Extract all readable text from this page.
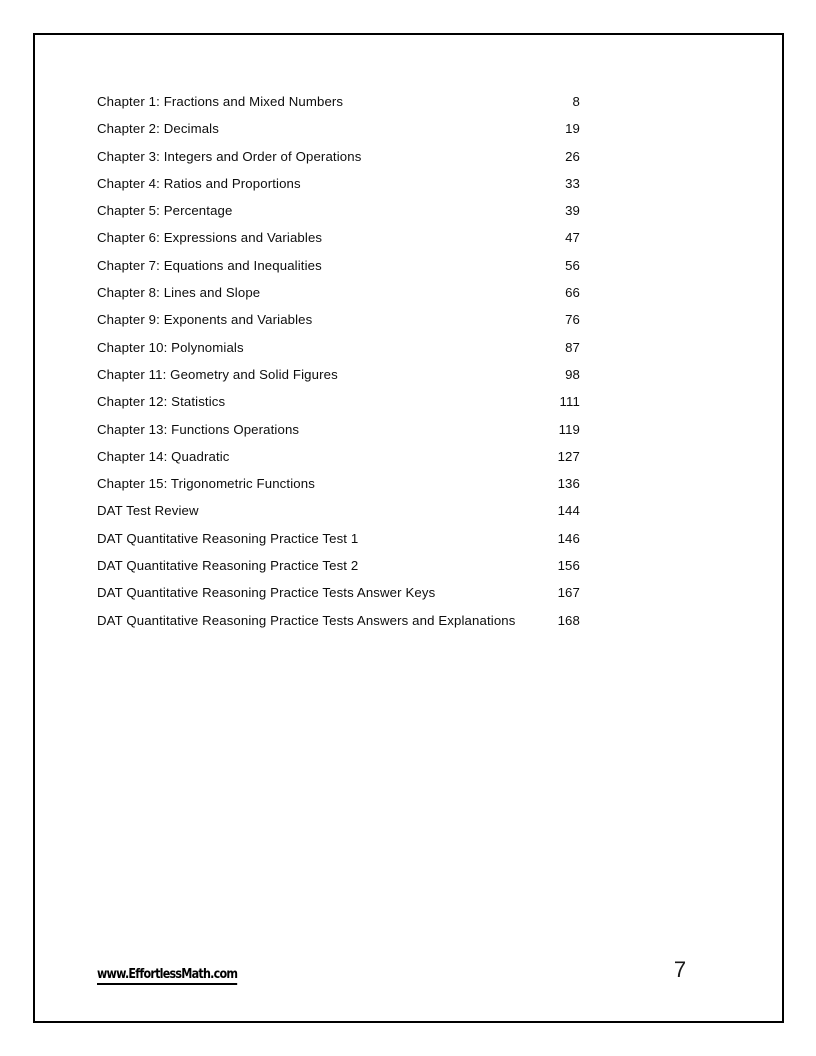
Chapter 1: Fractions and Mixed Numbers .....	8
Chapter 2: Decimals .....	19
Chapter 3: Integers and Order of Operations .....	26
Chapter 4: Ratios and Proportions .....	33
Chapter 5: Percentage .....	39
Chapter 6: Expressions and Variables .....	47
Chapter 7: Equations and Inequalities .....	56
Chapter 8: Lines and Slope .....	66
Chapter 9: Exponents and Variables .....	76
Chapter 10: Polynomials .....	87
Chapter 11: Geometry and Solid Figures .....	98
Chapter 12: Statistics .....	111
Chapter 13: Functions Operations .....	119
Chapter 14: Quadratic .....	127
Chapter 15: Trigonometric Functions .....	136
DAT Test Review .....	144
DAT Quantitative Reasoning Practice Test 1 .....	146
DAT Quantitative Reasoning Practice Test 2 .....	156
DAT Quantitative Reasoning Practice Tests Answer Keys .....	167
DAT Quantitative Reasoning Practice Tests Answers and Explanations .....	168
www.EffortlessMath.com	7
